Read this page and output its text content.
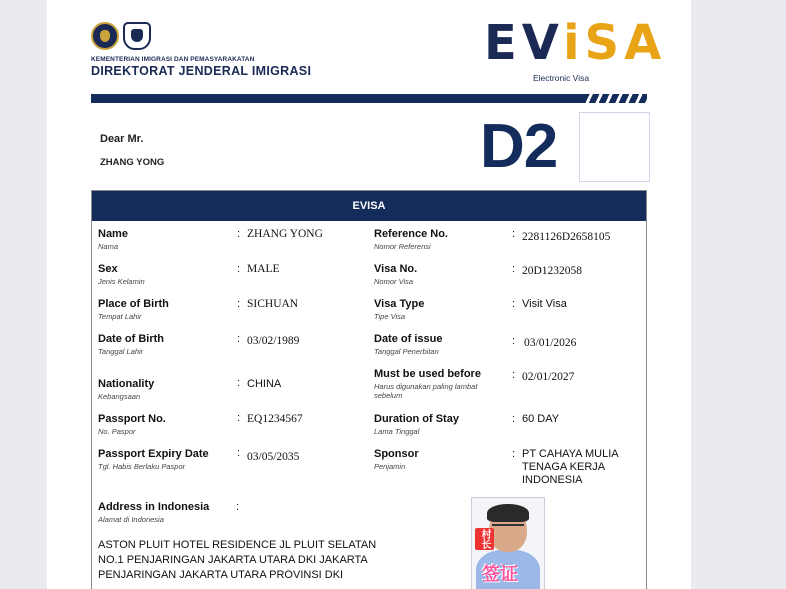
KEMENTERIAN IMIGRASI DAN PEMASYARAKATAN
DIREKTORAT JENDERAL IMIGRASI	EViSA
Electronic Visa
Dear Mr.
ZHANG YONG	D2
EVISA
Name
Nama
: ZHANG YONG
Sex
Jenis Kelamin
: MALE
Place of Birth
Tempat Lahir
: SICHUAN
Date of Birth
Tanggal Lahir
: 03/02/1989
Nationality
Kebangsaan
: CHINA
Passport No.
No. Paspor
: EQ1234567
Passport Expiry Date
Tgl. Habis Berlaku Paspor
: 03/05/2035
Reference No.
Nomor Referensi
: 2281126D2658105
Visa No.
Nomor Visa
: 20D1232058
Visa Type
Tipe Visa
: Visit Visa
Date of issue
Tanggal Penerbitan
: 03/01/2026
Must be used before
Harus digunakan paling lambat sebelum
: 02/01/2027
Duration of Stay
Lama Tinggal
: 60 DAY
Sponsor
Penjamin
: PT CAHAYA MULIA TENAGA KERJA INDONESIA
Address in Indonesia
Alamat di Indonesia
:
ASTON PLUIT HOTEL RESIDENCE JL PLUIT SELATAN NO.1 PENJARINGAN JAKARTA UTARA DKI JAKARTA PENJARINGAN JAKARTA UTARA PROVINSI DKI
村长
签证
